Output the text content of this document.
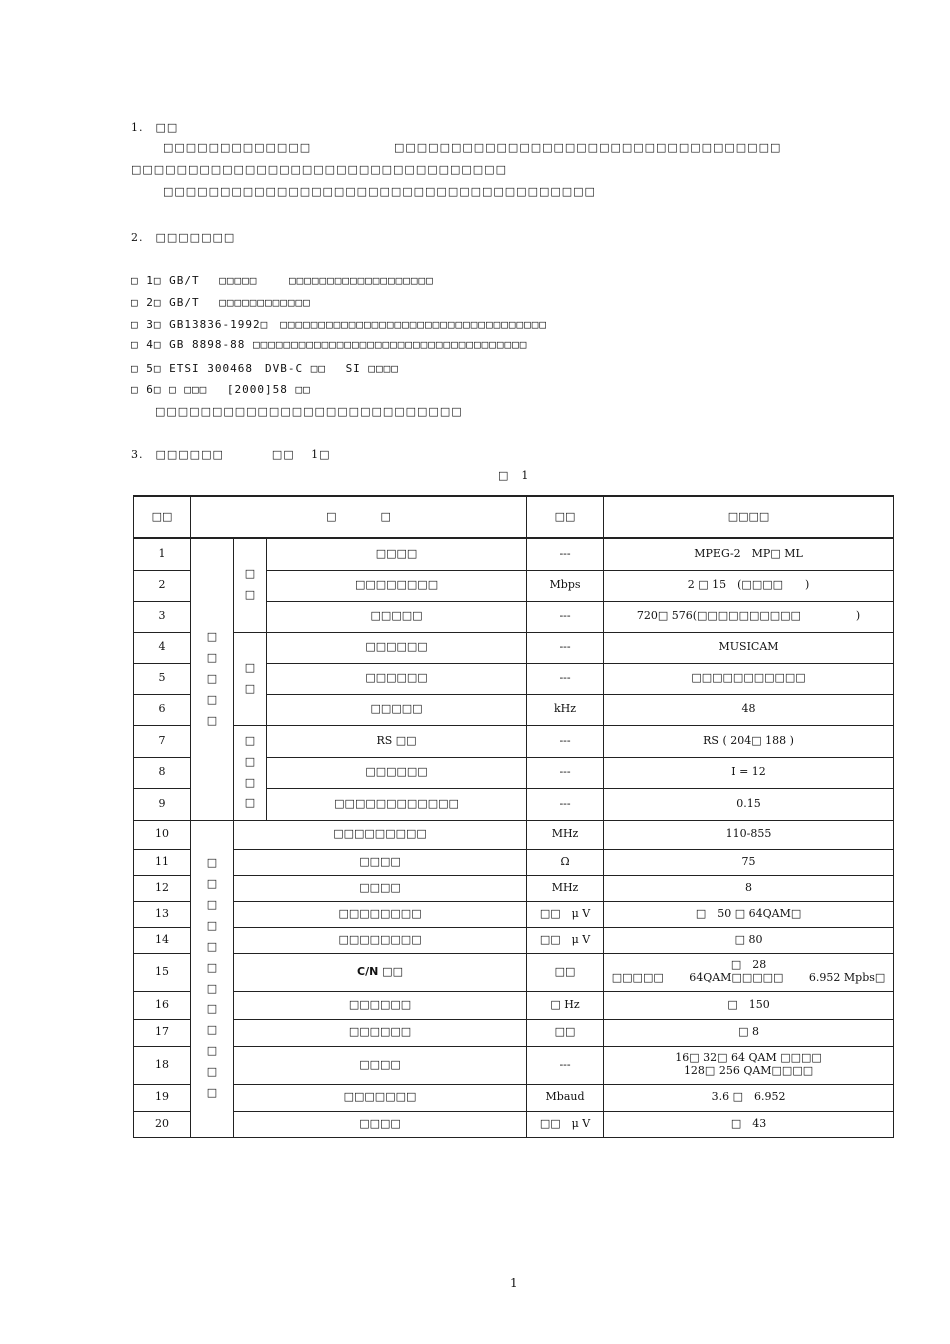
1.　□□
□□□□□□□□□□□□□	□□□□□□□□□□□□□□□□□□□□□□□□□□□□□□□□□□
□□□□□□□□□□□□□□□□□□□□□□□□□□□□□□□□□
□□□□□□□□□□□□□□□□□□□□□□□□□□□□□□□□□□□□□□
2.　□□□□□□□
□ 1□ GB/T　 □□□□□　 　□□□□□□□□□□□□□□□□□□□
□ 2□ GB/T　 □□□□□□□□□□□□
□ 3□ GB13836-1992□　□□□□□□□□□□□□□□□□□□□□□□□□□□□□□□□□□□□
□ 4□ GB 8898-88 □□□□□□□□□□□□□□□□□□□□□□□□□□□□□□□□□□□□
□ 5□ ETSI 300468　DVB-C □□　 SI □□□□
□ 6□ □ □□□　 [2000]58 □□
　　□□□□□□□□□□□□□□□□□□□□□□□□□□□
3.　□□□□□□　　　　□□　 1□
□　1
□□	□　　　　□			□□	□□□□
1	□□□□□	□□	□□□□	---	MPEG-2　MP□ ML
2			□□□□□□□□	Mbps	2 □ 15　(□□□□　　)
3			□□□□□	---	720□ 576(□□□□□□□□□□　　　　　)
4		□□	□□□□□□	---	MUSICAM
5			□□□□□□	---	□□□□□□□□□□□
6			□□□□□	kHz	48
7		□□□□	RS □□	---	RS ( 204□ 188 )
8			□□□□□□	---	I = 12
9			□□□□□□□□□□□□	---	0.15
10	□□□□□□□□□□□□	□□□□□□□□□		MHz	110-855
11		□□□□		Ω	75
12		□□□□		MHz	8
13		□□□□□□□□		□□　μ V	□　50 □ 64QAM□
14		□□□□□□□□		□□　μ V	□ 80
15		C/N □□		□□	□　28
□□□□□　　 64QAM□□□□□　　 6.952 Mpbs□

16		□□□□□□		□ Hz	□　150
17		□□□□□□		□□	□ 8
18		□□□□		---	16□ 32□ 64 QAM □□□□
128□ 256 QAM□□□□

19		□□□□□□□		Mbaud	3.6 □　6.952
20		□□□□		□□　μ V	□　43
1
